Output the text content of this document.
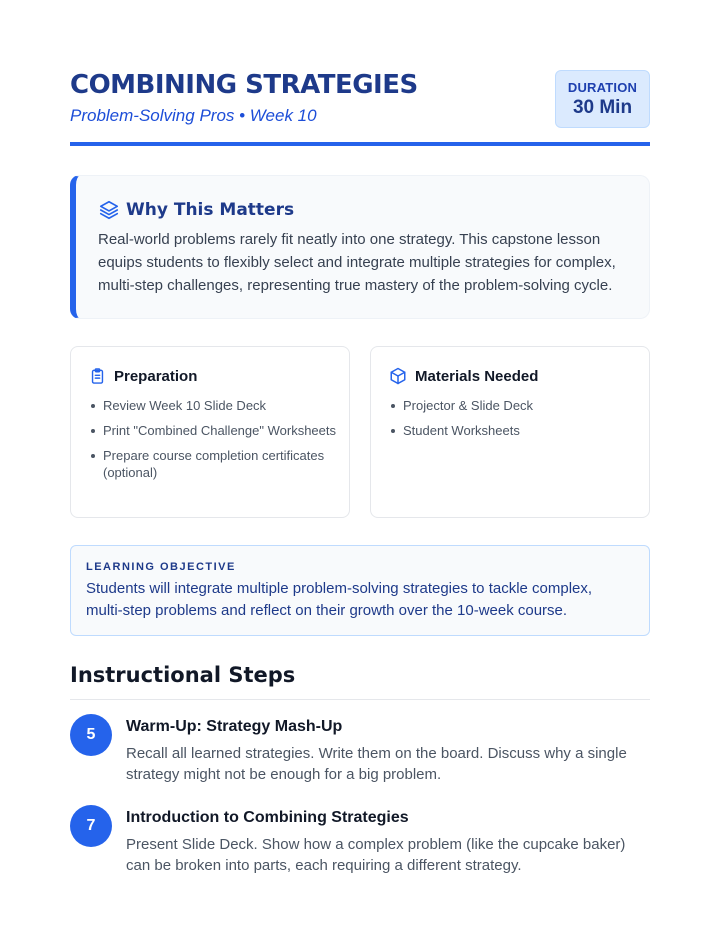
COMBINING STRATEGIES
Problem-Solving Pros • Week 10
DURATION
30 Min
Why This Matters
Real-world problems rarely fit neatly into one strategy. This capstone lesson equips students to flexibly select and integrate multiple strategies for complex, multi-step challenges, representing true mastery of the problem-solving cycle.
Preparation
Review Week 10 Slide Deck
Print "Combined Challenge" Worksheets
Prepare course completion certificates (optional)
Materials Needed
Projector & Slide Deck
Student Worksheets
LEARNING OBJECTIVE
Students will integrate multiple problem-solving strategies to tackle complex, multi-step problems and reflect on their growth over the 10-week course.
Instructional Steps
5	Warm-Up: Strategy Mash-Up
Recall all learned strategies. Write them on the board. Discuss why a single strategy might not be enough for a big problem.
7	Introduction to Combining Strategies
Present Slide Deck. Show how a complex problem (like the cupcake baker) can be broken into parts, each requiring a different strategy.
